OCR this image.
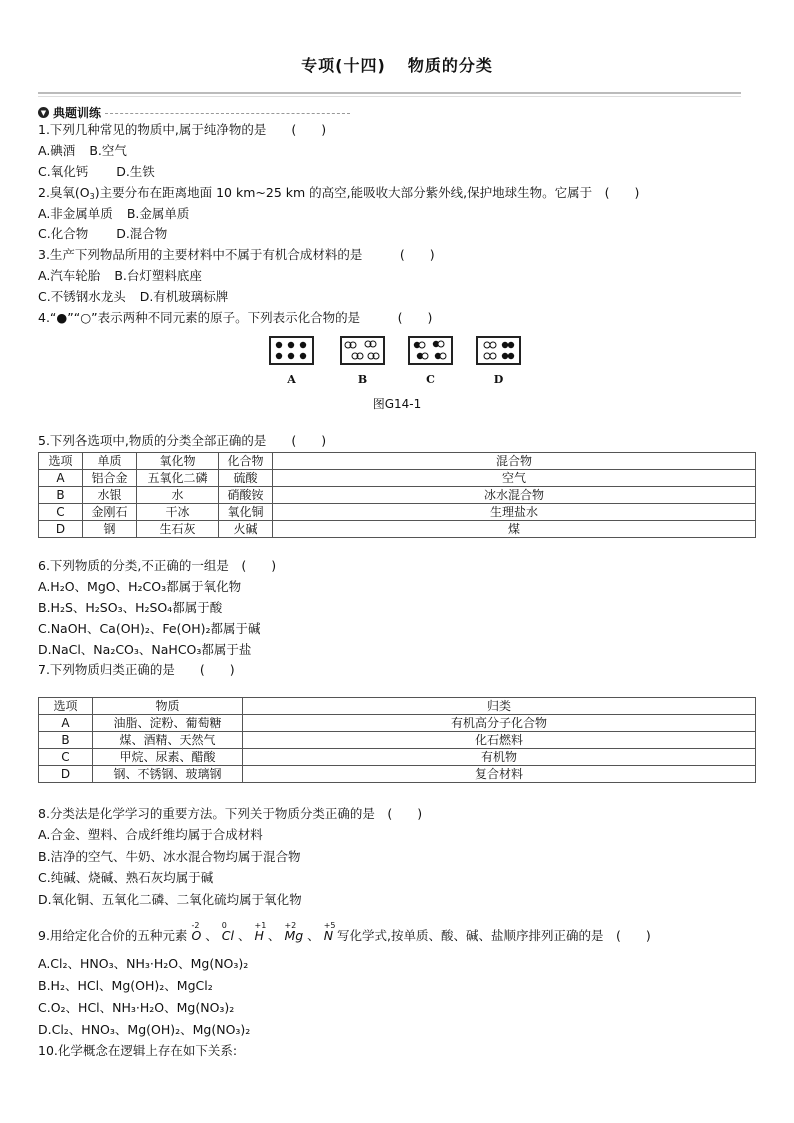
专项(十四) 物质的分类
▼ 典题训练
1.下列几种常见的物质中,属于纯净物的是　　(　　)
A.碘酒 B.空气
C.氧化钙 D.生铁
2.臭氧$(O_3)$主要分布在距离地面 10 km~25 km 的高空,能吸收大部分紫外线,保护地球生物。它属于　(　　)
A.非金属单质 B.金属单质
C.化合物 D.混合物
3.生产下列物品所用的主要材料中不属于有机合成材料的是　　　(　　)
A.汽车轮胎 B.台灯塑料底座
C.不锈钢水龙头 D.有机玻璃标牌
4.“●”“○”表示两种不同元素的原子。下列表示化合物的是　　　(　　)
A	B	C	D
图G14-1
5.下列各选项中,物质的分类全部正确的是　　(　　)
选项	单质	氧化物	化合物	混合物
A	铝合金	五氧化二磷	硫酸	空气
B	水银	水	硝酸铵	冰水混合物
C	金刚石	干冰	氧化铜	生理盐水
D	钢	生石灰	火碱	煤
6.下列物质的分类,不正确的一组是　(　　)
A.H₂O、MgO、H₂CO₃都属于氧化物
B.H₂S、H₂SO₃、H₂SO₄都属于酸
C.NaOH、Ca(OH)₂、Fe(OH)₂都属于碱
D.NaCl、Na₂CO₃、NaHCO₃都属于盐
7.下列物质归类正确的是　　(　　)
选项	物质	归类
A	油脂、淀粉、葡萄糖	有机高分子化合物
B	煤、酒精、天然气	化石燃料
C	甲烷、尿素、醋酸	有机物
D	钢、不锈钢、玻璃钢	复合材料
8.分类法是化学学习的重要方法。下列关于物质分类正确的是　(　　)
A.合金、塑料、合成纤维均属于合成材料
B.洁净的空气、牛奶、冰水混合物均属于混合物
C.纯碱、烧碱、熟石灰均属于碱
D.氧化铜、五氧化二磷、二氧化硫均属于氧化物
9.用给定化合价的五种元素
-2
O 、
0
Cl 、
+1
H 、
+2
Mg 、
+5
N 写化学式,按单质、酸、碱、盐顺序排列正确的是　(　　)
A.Cl₂、HNO₃、NH₃·H₂O、Mg(NO₃)₂
B.H₂、HCl、Mg(OH)₂、MgCl₂
C.O₂、HCl、NH₃·H₂O、Mg(NO₃)₂
D.Cl₂、HNO₃、Mg(OH)₂、Mg(NO₃)₂
10.化学概念在逻辑上存在如下关系:
